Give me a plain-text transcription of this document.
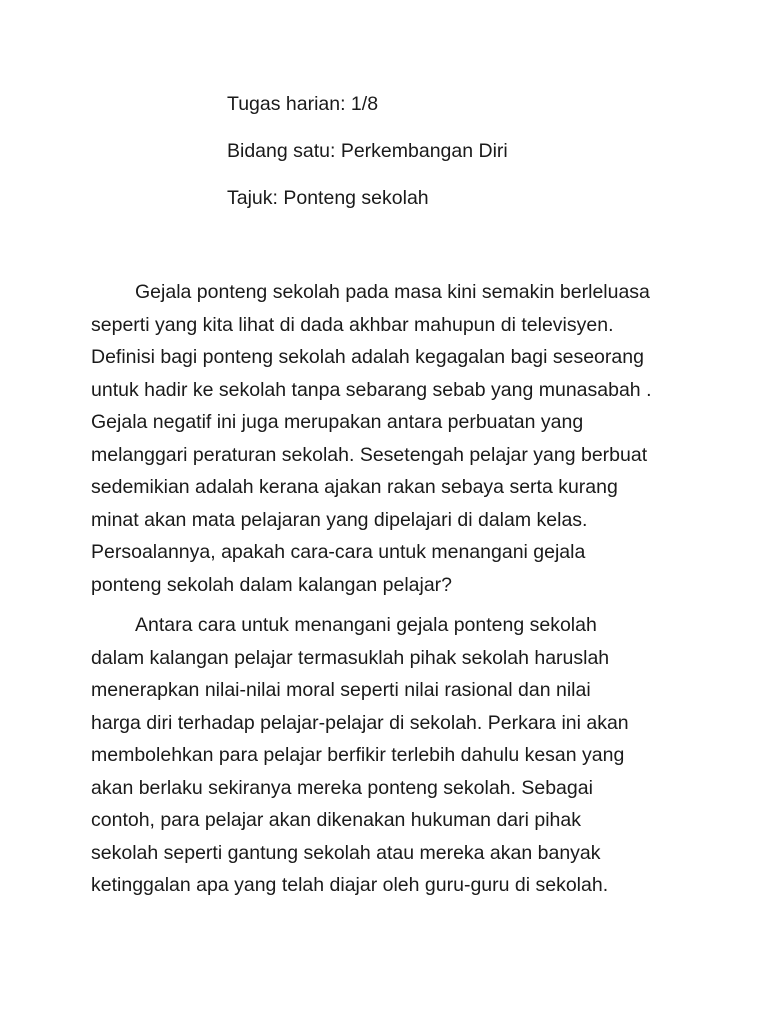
Tugas harian: 1/8

Bidang satu: Perkembangan Diri

Tajuk: Ponteng sekolah

Gejala ponteng sekolah pada masa kini semakin berleluasa
seperti yang kita lihat di dada akhbar mahupun di televisyen.
Definisi bagi ponteng sekolah adalah kegagalan bagi seseorang
untuk hadir ke sekolah tanpa sebarang sebab yang munasabah .
Gejala negatif ini juga merupakan antara perbuatan yang
melanggari peraturan sekolah. Sesetengah pelajar yang berbuat
sedemikian adalah kerana ajakan rakan sebaya serta kurang
minat akan mata pelajaran yang dipelajari di dalam kelas.
Persoalannya, apakah cara-cara untuk menangani gejala
ponteng sekolah dalam kalangan pelajar?

Antara cara untuk menangani gejala ponteng sekolah
dalam kalangan pelajar termasuklah pihak sekolah haruslah
menerapkan nilai-nilai moral seperti nilai rasional dan nilai
harga diri terhadap pelajar-pelajar di sekolah. Perkara ini akan
membolehkan para pelajar berfikir terlebih dahulu kesan yang
akan berlaku sekiranya mereka ponteng sekolah. Sebagai
contoh, para pelajar akan dikenakan hukuman dari pihak
sekolah seperti gantung sekolah atau mereka akan banyak
ketinggalan apa yang telah diajar oleh guru-guru di sekolah.
